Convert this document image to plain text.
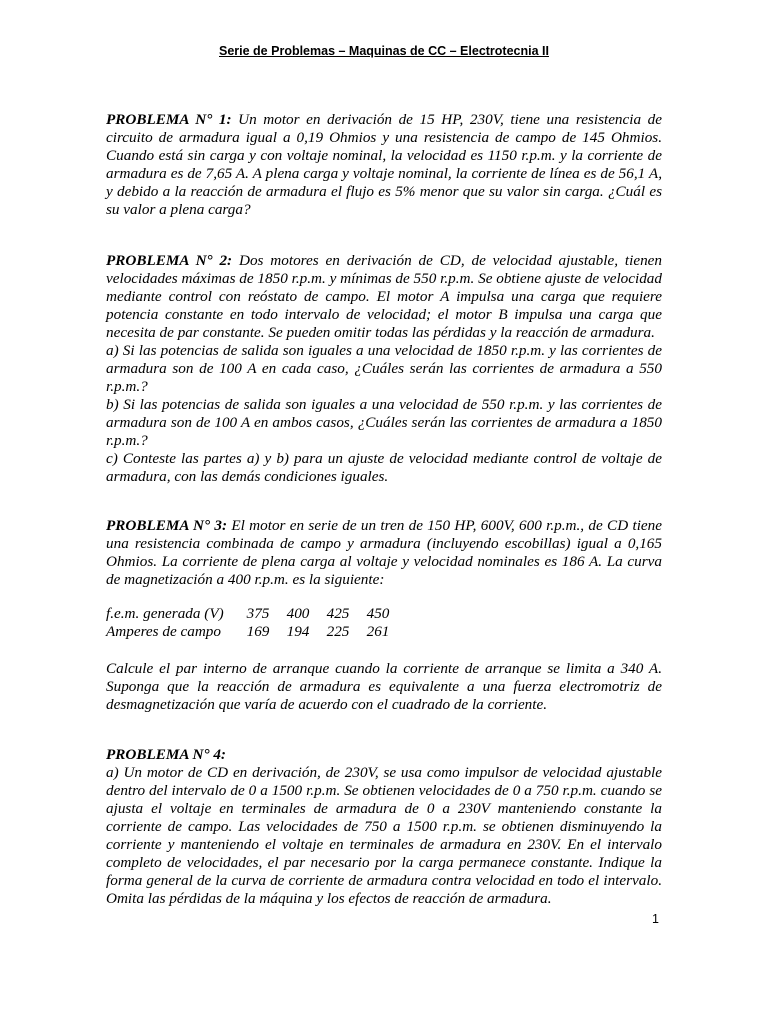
Serie de Problemas – Maquinas de CC – Electrotecnia II

PROBLEMA N° 1: Un motor en derivación de 15 HP, 230V, tiene una resistencia de circuito de armadura igual a 0,19 Ohmios y una resistencia de campo de 145 Ohmios. Cuando está sin carga y con voltaje nominal, la velocidad es 1150 r.p.m. y la corriente de armadura es de 7,65 A. A plena carga y voltaje nominal, la corriente de línea es de 56,1 A, y debido a la reacción de armadura el flujo es 5% menor que su valor sin carga. ¿Cuál es su valor a plena carga?

PROBLEMA N° 2: Dos motores en derivación de CD, de velocidad ajustable, tienen velocidades máximas de 1850 r.p.m. y mínimas de 550 r.p.m. Se obtiene ajuste de velocidad mediante control con reóstato de campo. El motor A impulsa una carga que requiere potencia constante en todo intervalo de velocidad; el motor B impulsa una carga que necesita de par constante. Se pueden omitir todas las pérdidas y la reacción de armadura.

a) Si las potencias de salida son iguales a una velocidad de 1850 r.p.m. y las corrientes de armadura son de 100 A en cada caso, ¿Cuáles serán las corrientes de armadura a 550 r.p.m.?

b) Si las potencias de salida son iguales a una velocidad de 550 r.p.m. y las corrientes de armadura son de 100 A en ambos casos, ¿Cuáles serán las corrientes de armadura a 1850 r.p.m.?

c) Conteste las partes a) y b) para un ajuste de velocidad mediante control de voltaje de armadura, con las demás condiciones iguales.

PROBLEMA N° 3: El motor en serie de un tren de 150 HP, 600V, 600 r.p.m., de CD tiene una resistencia combinada de campo y armadura (incluyendo escobillas) igual a 0,165 Ohmios. La corriente de plena carga al voltaje y velocidad nominales es 186 A. La curva de magnetización a 400 r.p.m. es la siguiente:

f.e.m. generada (V) 375 400 425 450
Amperes de campo 169 194 225 261

Calcule el par interno de arranque cuando la corriente de arranque se limita a 340 A. Suponga que la reacción de armadura es equivalente a una fuerza electromotriz de desmagnetización que varía de acuerdo con el cuadrado de la corriente.

PROBLEMA N° 4:

a) Un motor de CD en derivación, de 230V, se usa como impulsor de velocidad ajustable dentro del intervalo de 0 a 1500 r.p.m. Se obtienen velocidades de 0 a 750 r.p.m. cuando se ajusta el voltaje en terminales de armadura de 0 a 230V manteniendo constante la corriente de campo. Las velocidades de 750 a 1500 r.p.m. se obtienen disminuyendo la corriente y manteniendo el voltaje en terminales de armadura en 230V. En el intervalo completo de velocidades, el par necesario por la carga permanece constante. Indique la forma general de la curva de corriente de armadura contra velocidad en todo el intervalo. Omita las pérdidas de la máquina y los efectos de reacción de armadura.

1
